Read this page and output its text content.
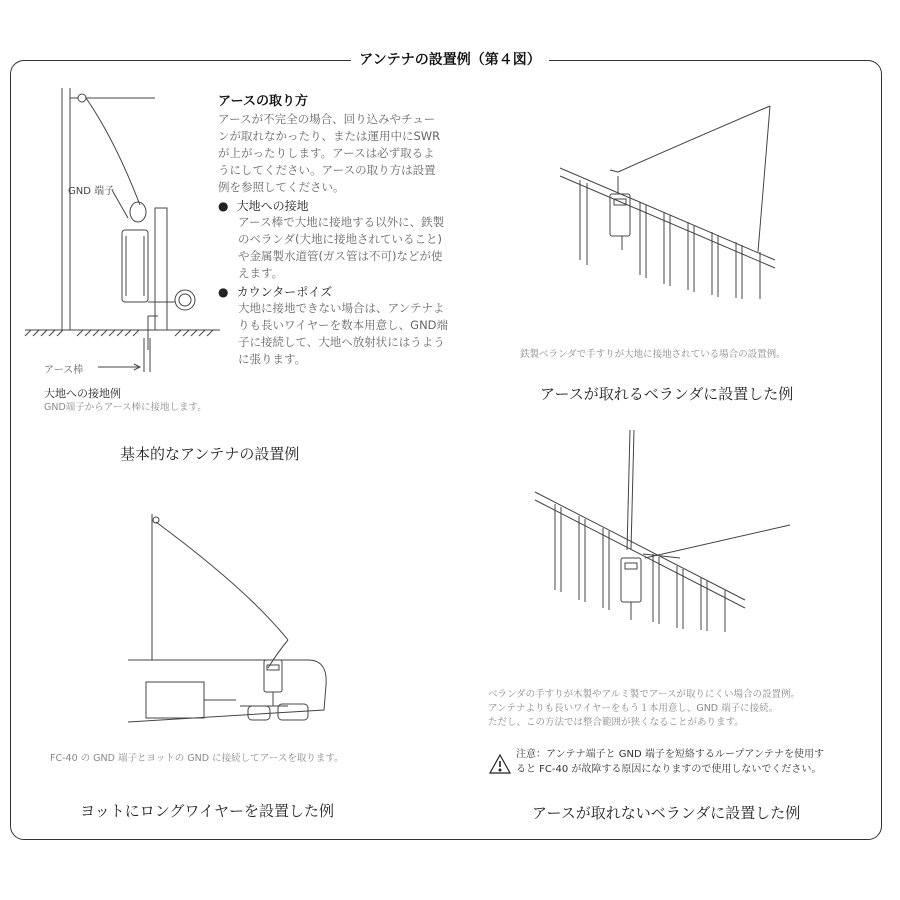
アンテナの設置例（第４図）
GND 端子
アース棒
大地への接地例
GND端子からアース棒に接地します。
アースの取り方
アースが不完全の場合、回り込みやチュー
ンが取れなかったり、または運用中にSWR
が上がったりします。アースは必ず取るよ
うにしてください。アースの取り方は設置
例を参照してください。
● 大地への接地
アース棒で大地に接地する以外に、鉄製
のベランダ(大地に接地されていること)
や金属製水道管(ガス管は不可)などが使
えます。
● カウンターポイズ
大地に接地できない場合は、アンテナよ
りも長いワイヤーを数本用意し、GND端
子に接続して、大地へ放射状にはうよう
に張ります。
基本的なアンテナの設置例
鉄製ベランダで手すりが大地に接地されている場合の設置例。
アースが取れるベランダに設置した例
FC-40 の GND 端子とヨットの GND に接続してアースを取ります。
ヨットにロングワイヤーを設置した例
ベランダの手すりが木製やアルミ製でアースが取りにくい場合の設置例。
アンテナよりも長いワイヤーをもう１本用意し、GND 端子に接続。
ただし、この方法では整合範囲が狭くなることがあります。
注意：アンテナ端子と GND 端子を短絡するループアンテナを使用す
ると FC-40 が故障する原因になりますので使用しないでください。
アースが取れないベランダに設置した例
